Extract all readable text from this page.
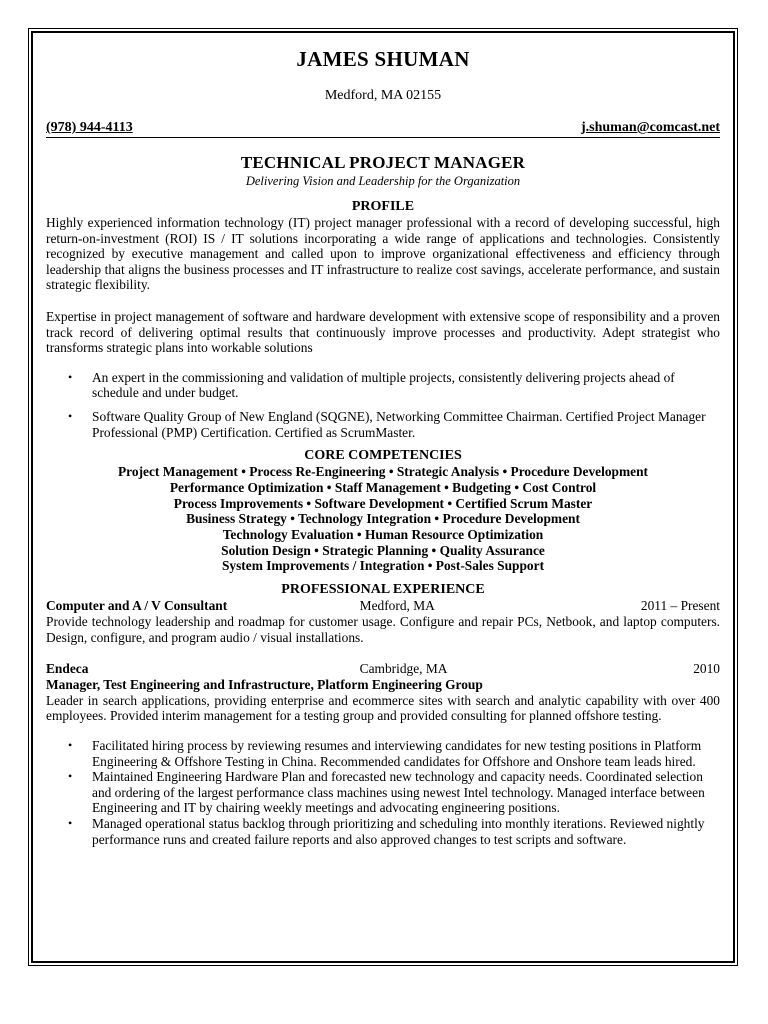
JAMES SHUMAN
Medford, MA 02155
(978) 944-4113	j.shuman@comcast.net
TECHNICAL PROJECT MANAGER
Delivering Vision and Leadership for the Organization
PROFILE

Highly experienced information technology (IT) project manager professional with a record of developing successful, high return-on-investment (ROI) IS / IT solutions incorporating a wide range of applications and technologies. Consistently recognized by executive management and called upon to improve organizational effectiveness and efficiency through leadership that aligns the business processes and IT infrastructure to realize cost savings, accelerate performance, and sustain strategic flexibility.

Expertise in project management of software and hardware development with extensive scope of responsibility and a proven track record of delivering optimal results that continuously improve processes and productivity. Adept strategist who transforms strategic plans into workable solutions

• An expert in the commissioning and validation of multiple projects, consistently delivering projects ahead of schedule and under budget.
• Software Quality Group of New England (SQGNE), Networking Committee Chairman. Certified Project Manager Professional (PMP) Certification. Certified as ScrumMaster.
CORE COMPETENCIES
Project Management • Process Re-Engineering • Strategic Analysis • Procedure Development
Performance Optimization • Staff Management • Budgeting • Cost Control
Process Improvements • Software Development • Certified Scrum Master
Business Strategy • Technology Integration • Procedure Development
Technology Evaluation • Human Resource Optimization
Solution Design • Strategic Planning • Quality Assurance
System Improvements / Integration • Post-Sales Support
PROFESSIONAL EXPERIENCE
Computer and A / V Consultant	Medford, MA	2011 – Present

Provide technology leadership and roadmap for customer usage. Configure and repair PCs, Netbook, and laptop computers. Design, configure, and program audio / visual installations.

Endeca	Cambridge, MA	2010
Manager, Test Engineering and Infrastructure, Platform Engineering Group

Leader in search applications, providing enterprise and ecommerce sites with search and analytic capability with over 400 employees. Provided interim management for a testing group and provided consulting for planned offshore testing.

• Facilitated hiring process by reviewing resumes and interviewing candidates for new testing positions in Platform Engineering & Offshore Testing in China. Recommended candidates for Offshore and Onshore team leads hired.
• Maintained Engineering Hardware Plan and forecasted new technology and capacity needs. Coordinated selection and ordering of the largest performance class machines using newest Intel technology. Managed interface between Engineering and IT by chairing weekly meetings and advocating engineering positions.
• Managed operational status backlog through prioritizing and scheduling into monthly iterations. Reviewed nightly performance runs and created failure reports and also approved changes to test scripts and software.
